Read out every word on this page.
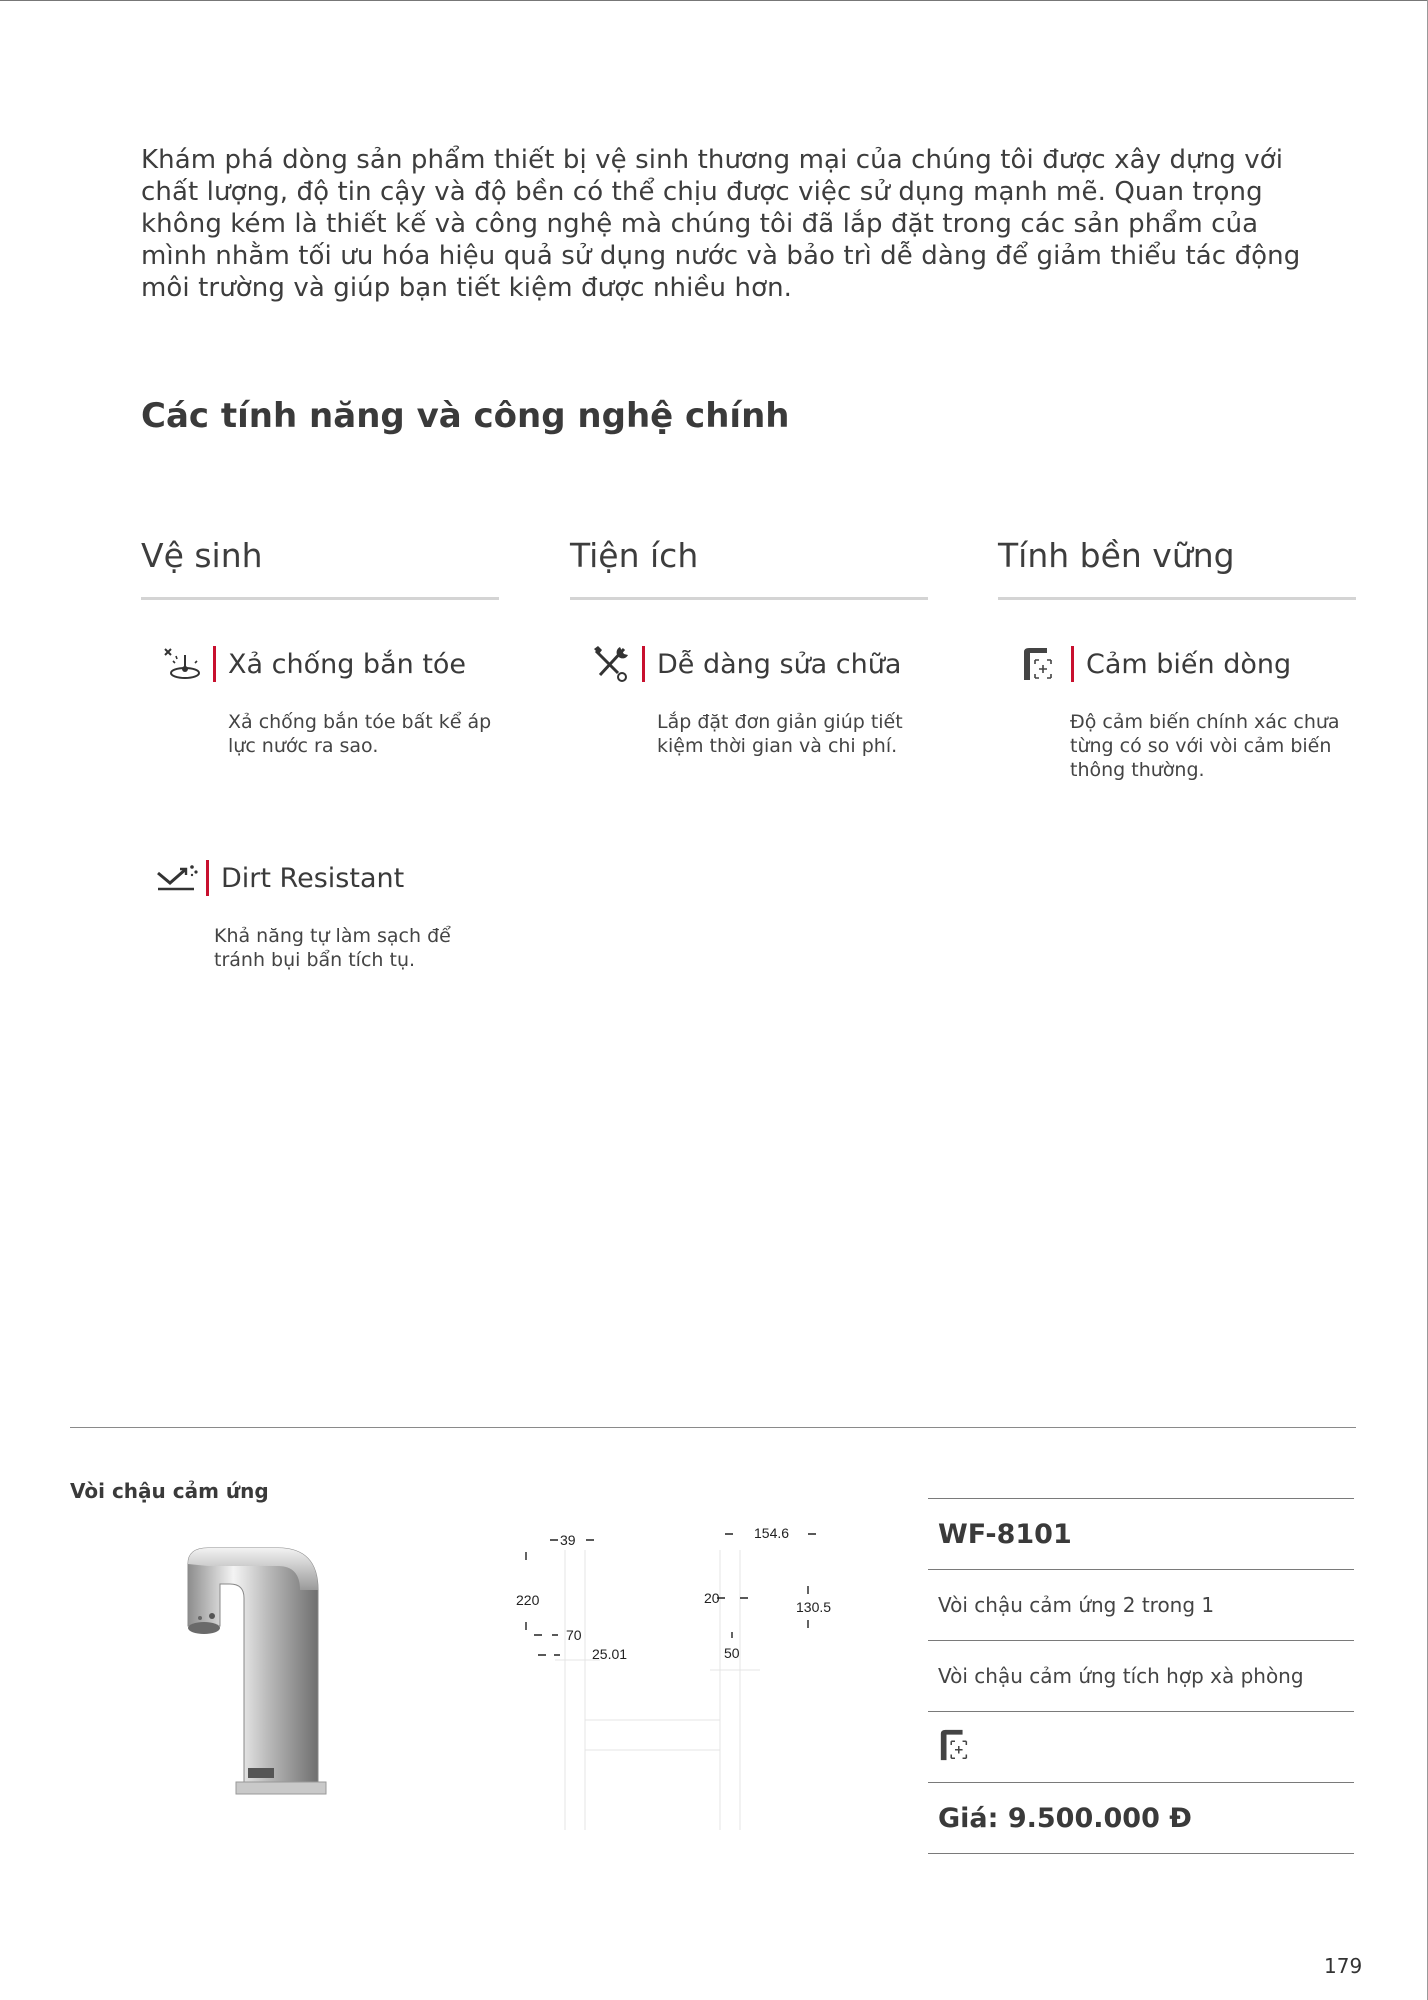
Khám phá dòng sản phẩm thiết bị vệ sinh thương mại của chúng tôi được xây dựng với chất lượng, độ tin cậy và độ bền có thể chịu được việc sử dụng mạnh mẽ. Quan trọng không kém là thiết kế và công nghệ mà chúng tôi đã lắp đặt trong các sản phẩm của mình nhằm tối ưu hóa hiệu quả sử dụng nước và bảo trì dễ dàng để giảm thiểu tác động môi trường và giúp bạn tiết kiệm được nhiều hơn.

Các tính năng và công nghệ chính
Vệ sinh	Tiện ích	Tính bền vững
Xả chống bắn tóe
Xả chống bắn tóe bất kể áp lực nước ra sao.
Dễ dàng sửa chữa
Lắp đặt đơn giản giúp tiết kiệm thời gian và chi phí.
Cảm biến dòng
Độ cảm biến chính xác chưa từng có so với vòi cảm biến thông thường.
Dirt Resistant
Khả năng tự làm sạch để tránh bụi bẩn tích tụ.
Vòi chậu cảm ứng
39
220
70
25.01
154.6
20
130.5
50
WF-8101
Vòi chậu cảm ứng 2 trong 1
Vòi chậu cảm ứng tích hợp xà phòng
Giá: 9.500.000 Đ
179
